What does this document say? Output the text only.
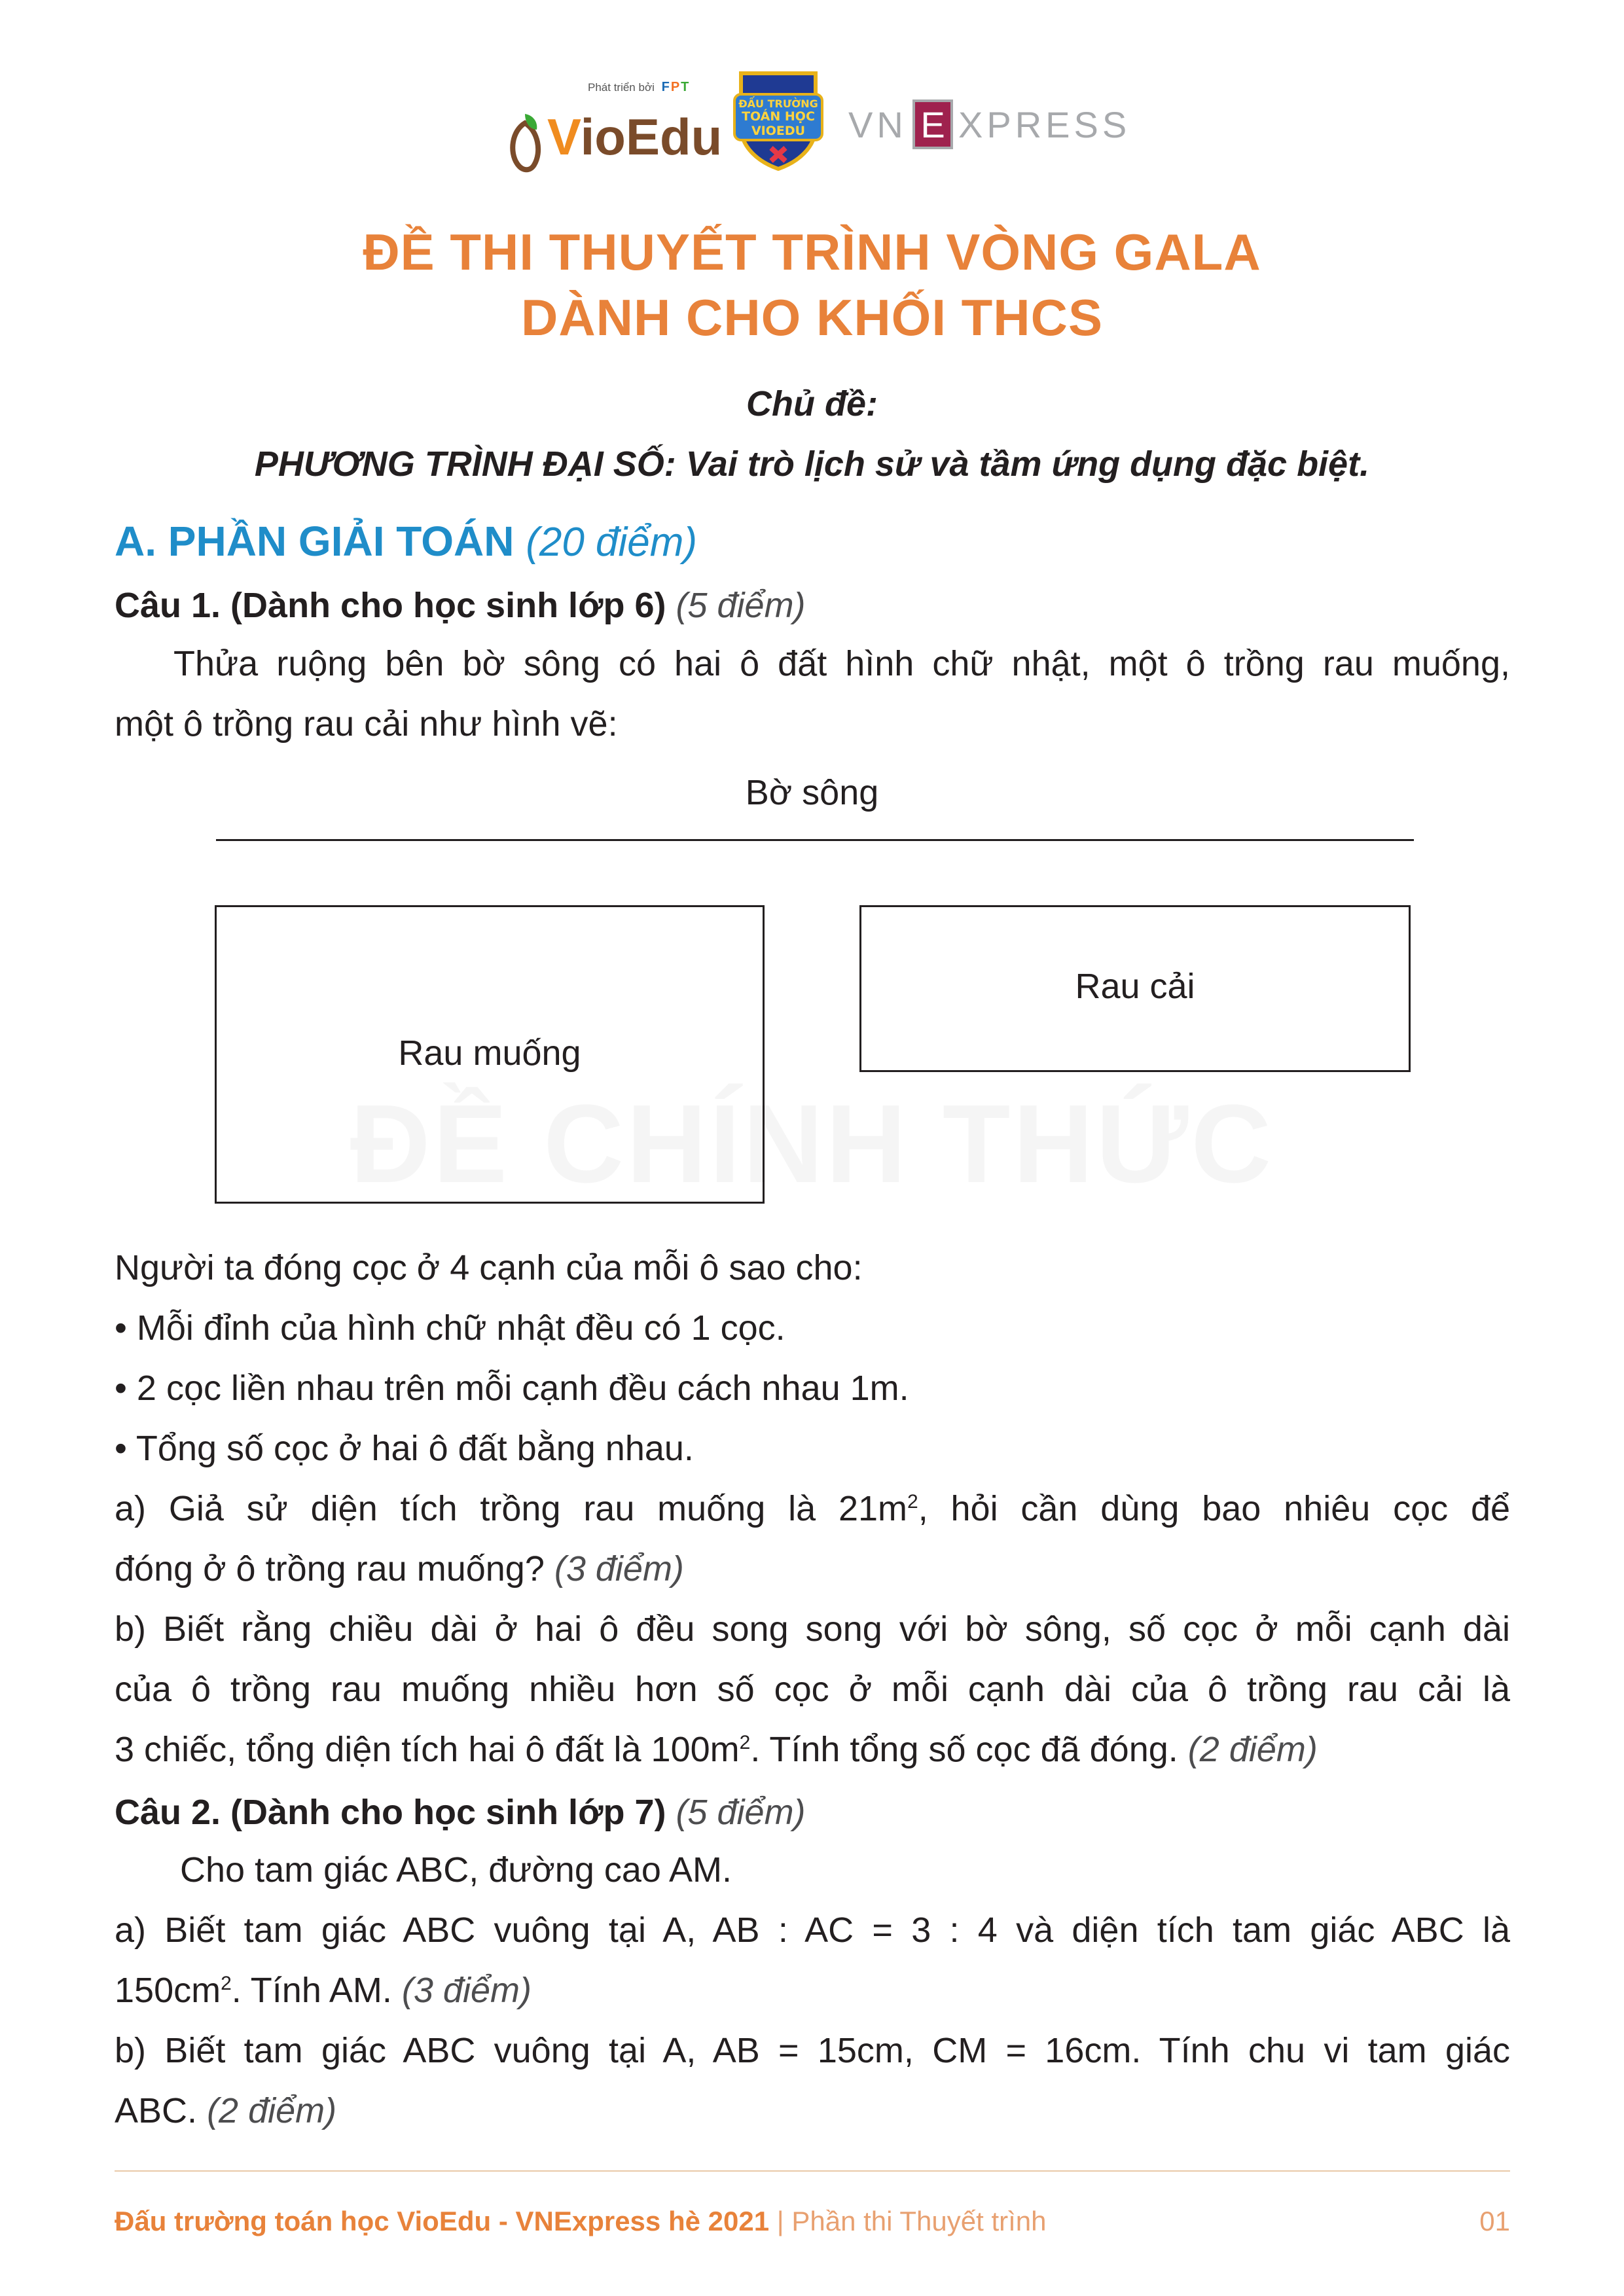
Phát triển bởi FPT
VioEdu
ĐẤU TRƯỜNG
TOÁN HỌC
VIOEDU VN E XPRESS
ĐỀ THI THUYẾT TRÌNH VÒNG GALA
DÀNH CHO KHỐI THCS
Chủ đề:
PHƯƠNG TRÌNH ĐẠI SỐ: Vai trò lịch sử và tầm ứng dụng đặc biệt.
A. PHẦN GIẢI TOÁN (20 điểm)
Câu 1. (Dành cho học sinh lớp 6) (5 điểm)
Thửa ruộng bên bờ sông có hai ô đất hình chữ nhật, một ô trồng rau muống,
một ô trồng rau cải như hình vẽ:
Bờ sông
Rau muống
Rau cải
Người ta đóng cọc ở 4 cạnh của mỗi ô sao cho:
• Mỗi đỉnh của hình chữ nhật đều có 1 cọc.
• 2 cọc liền nhau trên mỗi cạnh đều cách nhau 1m.
• Tổng số cọc ở hai ô đất bằng nhau.
a) Giả sử diện tích trồng rau muống là $21m^2$, hỏi cần dùng bao nhiêu cọc để
đóng ở ô trồng rau muống? (3 điểm)
b) Biết rằng chiều dài ở hai ô đều song song với bờ sông, số cọc ở mỗi cạnh dài
của ô trồng rau muống nhiều hơn số cọc ở mỗi cạnh dài của ô trồng rau cải là
3 chiếc, tổng diện tích hai ô đất là $100m^2$. Tính tổng số cọc đã đóng. (2 điểm)
Câu 2. (Dành cho học sinh lớp 7) (5 điểm)
Cho tam giác ABC, đường cao AM.
a) Biết tam giác ABC vuông tại A, AB : AC = 3 : 4 và diện tích tam giác ABC là
$150cm^2$. Tính AM. (3 điểm)
b) Biết tam giác ABC vuông tại A, AB = 15cm, CM = 16cm. Tính chu vi tam giác
ABC. (2 điểm)
Đấu trường toán học VioEdu - VNExpress hè 2021 | Phần thi Thuyết trình	01
